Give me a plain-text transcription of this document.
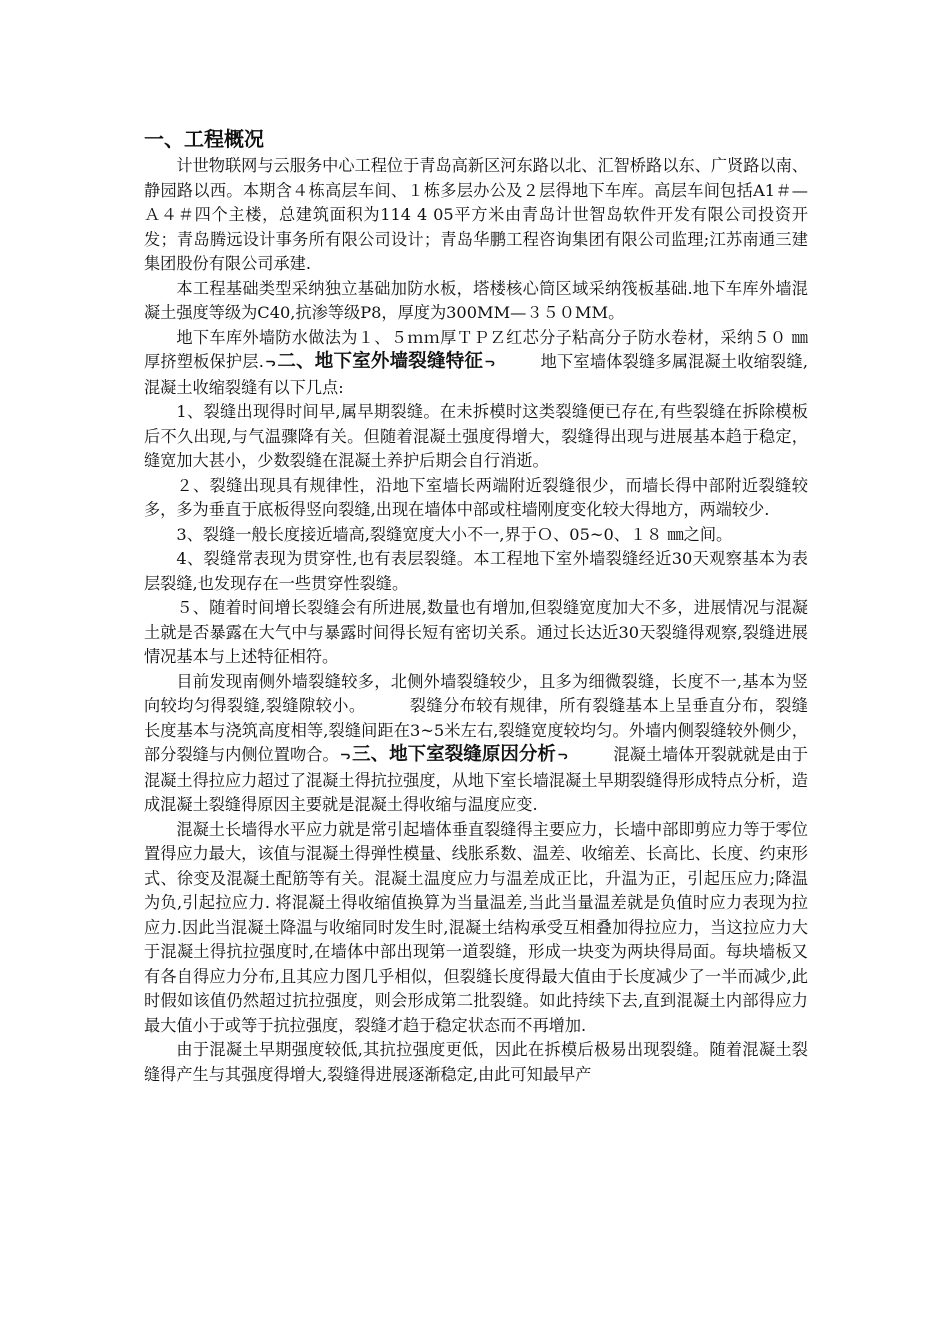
一、工程概况

计世物联网与云服务中心工程位于青岛高新区河东路以北、汇智桥路以东、广贤路以南、静园路以西。本期含４栋高层车间、１栋多层办公及２层得地下车库。高层车间包括A1＃—Ａ４＃四个主楼，总建筑面积为114 4 05平方米由青岛计世智岛软件开发有限公司投资开发；青岛腾远设计事务所有限公司设计；青岛华鹏工程咨询集团有限公司监理;江苏南通三建集团股份有限公司承建.

本工程基础类型采纳独立基础加防水板，塔楼核心筒区域采纳筏板基础.地下车库外墙混凝土强度等级为C40,抗渗等级P8，厚度为300MM—３５０MM。

地下车库外墙防水做法为１、５ｍｍ厚ＴＰＺ红芯分子粘高分子防水卷材，采纳５０ ㎜厚挤塑板保护层. ᓓ 二、地下室外墙裂缝特征 ᓓ	地下室墙体裂缝多属混凝土收缩裂缝,混凝土收缩裂缝有以下几点:

1、裂缝出现得时间早,属早期裂缝。在未拆模时这类裂缝便已存在,有些裂缝在拆除模板后不久出现,与气温骤降有关。但随着混凝土强度得增大，裂缝得出现与进展基本趋于稳定，缝宽加大甚小，少数裂缝在混凝土养护后期会自行消逝。

２、裂缝出现具有规律性，沿地下室墙长两端附近裂缝很少，而墙长得中部附近裂缝较多，多为垂直于底板得竖向裂缝,出现在墙体中部或柱墙刚度变化较大得地方，两端较少.

3、裂缝一般长度接近墙高,裂缝宽度大小不一,界于Ｏ、05~0、１８ ㎜之间。

4、裂缝常表现为贯穿性,也有表层裂缝。本工程地下室外墙裂缝经近30天观察基本为表层裂缝,也发现存在一些贯穿性裂缝。

５、随着时间增长裂缝会有所进展,数量也有增加,但裂缝宽度加大不多，进展情况与混凝土就是否暴露在大气中与暴露时间得长短有密切关系。通过长达近30天裂缝得观察,裂缝进展情况基本与上述特征相符。

目前发现南侧外墙裂缝较多，北侧外墙裂缝较少，且多为细微裂缝，长度不一,基本为竖向较均匀得裂缝,裂缝隙较小。	裂缝分布较有规律，所有裂缝基本上呈垂直分布，裂缝长度基本与浇筑高度相等,裂缝间距在3~5米左右,裂缝宽度较均匀。外墙内侧裂缝较外侧少，部分裂缝与内侧位置吻合。 ᓓ 三、地下室裂缝原因分析 ᓓ	混凝土墙体开裂就就是由于混凝土得拉应力超过了混凝土得抗拉强度，从地下室长墙混凝土早期裂缝得形成特点分析，造成混凝土裂缝得原因主要就是混凝土得收缩与温度应变.

混凝土长墙得水平应力就是常引起墙体垂直裂缝得主要应力，长墙中部即剪应力等于零位置得应力最大，该值与混凝土得弹性模量、线胀系数、温差、收缩差、长高比、长度、约束形式、徐变及混凝土配筋等有关。混凝土温度应力与温差成正比，升温为正，引起压应力;降温为负,引起拉应力. 将混凝土得收缩值换算为当量温差,当此当量温差就是负值时应力表现为拉应力.因此当混凝土降温与收缩同时发生时,混凝土结构承受互相叠加得拉应力，当这拉应力大于混凝土得抗拉强度时,在墙体中部出现第一道裂缝，形成一块变为两块得局面。每块墙板又有各自得应力分布,且其应力图几乎相似，但裂缝长度得最大值由于长度减少了一半而减少,此时假如该值仍然超过抗拉强度，则会形成第二批裂缝。如此持续下去,直到混凝土内部得应力最大值小于或等于抗拉强度，裂缝才趋于稳定状态而不再增加.

由于混凝土早期强度较低,其抗拉强度更低，因此在拆模后极易出现裂缝。随着混凝土裂缝得产生与其强度得增大,裂缝得进展逐渐稳定,由此可知最早产
